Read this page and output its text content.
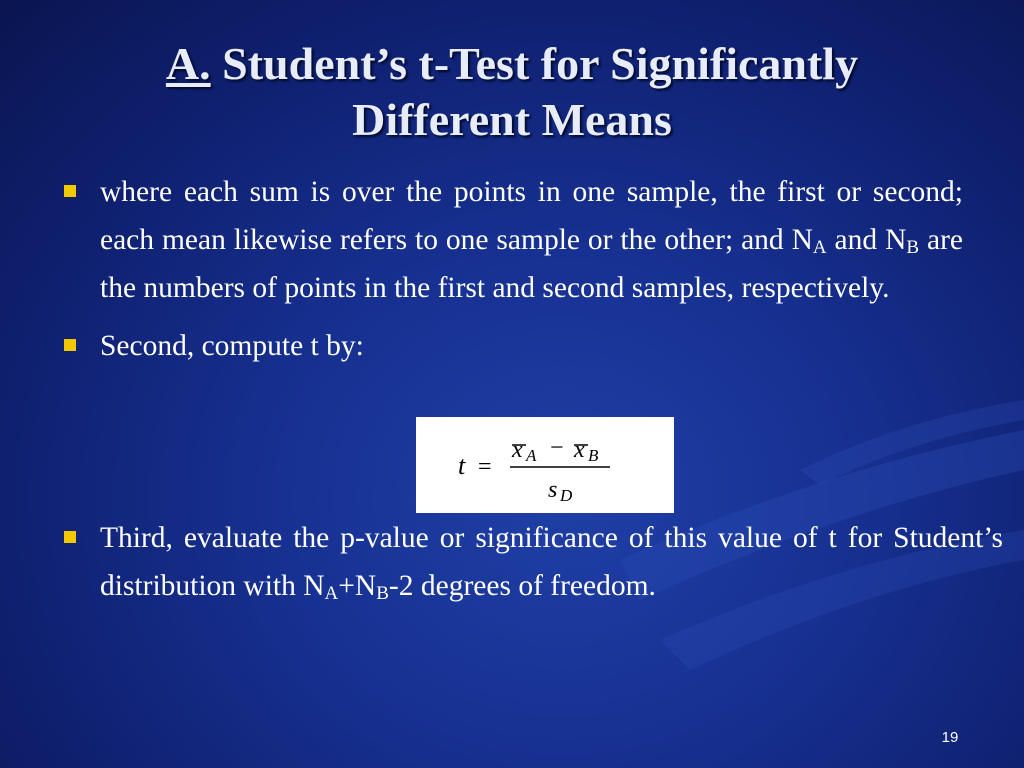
A. Student’s t-Test for Significantly
Different Means
where each sum is over the points in one sample, the first or second; each mean likewise refers to one sample or the other; and $N_A$ and $N_B$ are the numbers of points in the first and second samples, respectively.
Second, compute t by:
t =
x A − x B
s D
Third, evaluate the p-value or significance of this value of t for Student’s distribution with $N_A+N_B-2$ degrees of freedom.
19
